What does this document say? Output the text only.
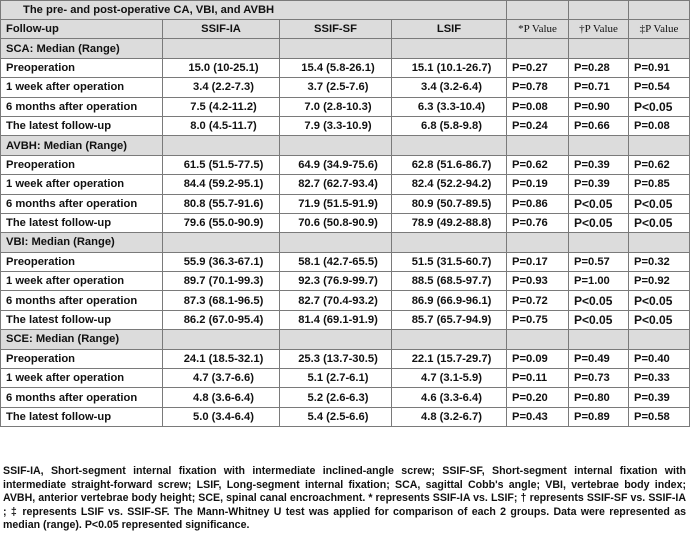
The pre- and post-operative CA, VBI, and AVBH						
Follow-up	SSIF-IA	SSIF-SF	LSIF	*P Value	†P Value	‡P Value
SCA: Median (Range)						
Preoperation	15.0 (10-25.1)	15.4 (5.8-26.1)	15.1 (10.1-26.7)	P=0.27	P=0.28	P=0.91
1 week after operation	3.4 (2.2-7.3)	3.7 (2.5-7.6)	3.4 (3.2-6.4)	P=0.78	P=0.71	P=0.54
6 months after operation	7.5 (4.2-11.2)	7.0 (2.8-10.3)	6.3 (3.3-10.4)	P=0.08	P=0.90	P<0.05
The latest follow-up	8.0 (4.5-11.7)	7.9 (3.3-10.9)	6.8 (5.8-9.8)	P=0.24	P=0.66	P=0.08
AVBH: Median (Range)						
Preoperation	61.5 (51.5-77.5)	64.9 (34.9-75.6)	62.8 (51.6-86.7)	P=0.62	P=0.39	P=0.62
1 week after operation	84.4 (59.2-95.1)	82.7 (62.7-93.4)	82.4 (52.2-94.2)	P=0.19	P=0.39	P=0.85
6 months after operation	80.8 (55.7-91.6)	71.9 (51.5-91.9)	80.9 (50.7-89.5)	P=0.86	P<0.05	P<0.05
The latest follow-up	79.6 (55.0-90.9)	70.6 (50.8-90.9)	78.9 (49.2-88.8)	P=0.76	P<0.05	P<0.05
VBI: Median (Range)						
Preoperation	55.9 (36.3-67.1)	58.1 (42.7-65.5)	51.5 (31.5-60.7)	P=0.17	P=0.57	P=0.32
1 week after operation	89.7 (70.1-99.3)	92.3 (76.9-99.7)	88.5 (68.5-97.7)	P=0.93	P=1.00	P=0.92
6 months after operation	87.3 (68.1-96.5)	82.7 (70.4-93.2)	86.9 (66.9-96.1)	P=0.72	P<0.05	P<0.05
The latest follow-up	86.2 (67.0-95.4)	81.4 (69.1-91.9)	85.7 (65.7-94.9)	P=0.75	P<0.05	P<0.05
SCE: Median (Range)						
Preoperation	24.1 (18.5-32.1)	25.3 (13.7-30.5)	22.1 (15.7-29.7)	P=0.09	P=0.49	P=0.40
1 week after operation	4.7 (3.7-6.6)	5.1 (2.7-6.1)	4.7 (3.1-5.9)	P=0.11	P=0.73	P=0.33
6 months after operation	4.8 (3.6-6.4)	5.2 (2.6-6.3)	4.6 (3.3-6.4)	P=0.20	P=0.80	P=0.39
The latest follow-up	5.0 (3.4-6.4)	5.4 (2.5-6.6)	4.8 (3.2-6.7)	P=0.43	P=0.89	P=0.58
SSIF-IA, Short-segment internal fixation with intermediate inclined-angle screw; SSIF-SF, Short-segment internal fixation with intermediate straight-forward screw; LSIF, Long-segment internal fixation; SCA, sagittal Cobb's angle; VBI, vertebrae body index; AVBH, anterior vertebrae body height; SCE, spinal canal encroachment. * represents SSIF-IA vs. LSIF; † represents SSIF-SF vs. SSIF-IA ; ‡ represents LSIF vs. SSIF-SF. The Mann-Whitney U test was applied for comparison of each 2 groups. Data were represented as median (range). P<0.05 represented significance.
